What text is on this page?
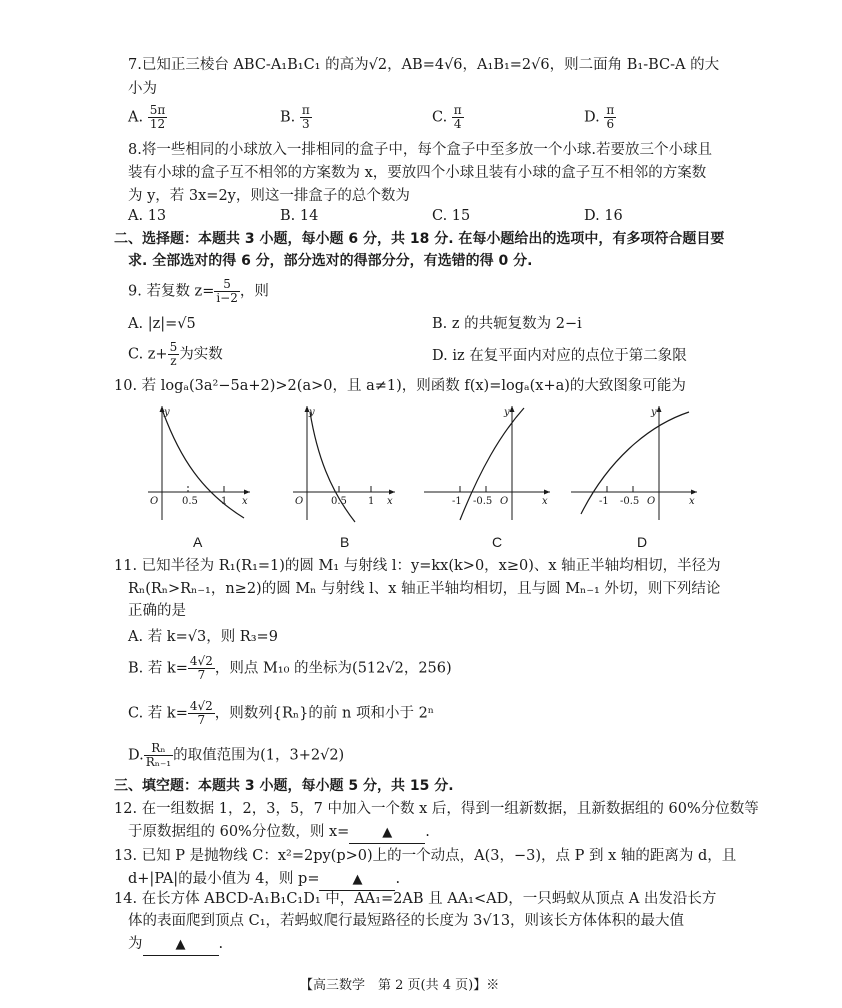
7.已知正三棱台 ABC-A₁B₁C₁ 的高为√2，AB=4√6，A₁B₁=2√6，则二面角 B₁-BC-A 的大
小为
A. $\frac{5\pi}{12}$	B. $\frac{\pi}{3}$	C. $\frac{\pi}{4}$	D. $\frac{\pi}{6}$
8.将一些相同的小球放入一排相同的盒子中，每个盒子中至多放一个小球.若要放三个小球且
装有小球的盒子互不相邻的方案数为 x，要放四个小球且装有小球的盒子互不相邻的方案数
为 y，若 3x=2y，则这一排盒子的总个数为
A. 13	B. 14	C. 15	D. 16
二、选择题：本题共 3 小题，每小题 6 分，共 18 分. 在每小题给出的选项中，有多项符合题目要
求. 全部选对的得 6 分，部分选对的得部分分，有选错的得 0 分.
9. 若复数 $z= \frac{5}{i-2}$ ，则
A. |z|=√5	B. z 的共轭复数为 2−i
C. $z+ \frac{5}{z}$ 为实数	D. iz 在复平面内对应的点位于第二象限
10. 若 logₐ(3a²−5a+2)>2(a>0，且 a≠1)，则函数 f(x)=logₐ(x+a)的大致图象可能为
y
O 0.5 1 x
A
y
O	0.5 1 x
B
y
-1 -0.5 O	x
C
y
-1 -0.5 O	x
D
11. 已知半径为 R₁(R₁=1)的圆 M₁ 与射线 l：y=kx(k>0，x≥0)、x 轴正半轴均相切，半径为
Rₙ(Rₙ>Rₙ₋₁，n≥2)的圆 Mₙ 与射线 l、x 轴正半轴均相切，且与圆 Mₙ₋₁ 外切，则下列结论
正确的是
A. 若 k=√3，则 R₃=9
B. 若 $k= \frac{4√2}{7}$ ，则点 M₁₀ 的坐标为(512√2，256)
C. 若 $k= \frac{4√2}{7}$ ，则数列{Rₙ}的前 n 项和小于 2ⁿ
D. $\frac{\text{Rₙ}}{\text{Rₙ₋₁}}$ 的取值范围为(1，3+2√2)
三、填空题：本题共 3 小题，每小题 5 分，共 15 分.
12. 在一组数据 1，2，3，5，7 中加入一个数 x 后，得到一组新数据，且新数据组的 60%分位数等
于原数据组的 60%分位数，则 x=	▲ .
13. 已知 P 是抛物线 C：x²=2py(p>0)上的一个动点，A(3，−3)，点 P 到 x 轴的距离为 d，且
d+|PA|的最小值为 4，则 p=	▲ .
14. 在长方体 ABCD-A₁B₁C₁D₁ 中，AA₁=2AB 且 AA₁<AD，一只蚂蚁从顶点 A 出发沿长方
体的表面爬到顶点 C₁，若蚂蚁爬行最短路径的长度为 3√13，则该长方体体积的最大值
为	▲ .
【高三数学　第 2 页(共 4 页)】※
